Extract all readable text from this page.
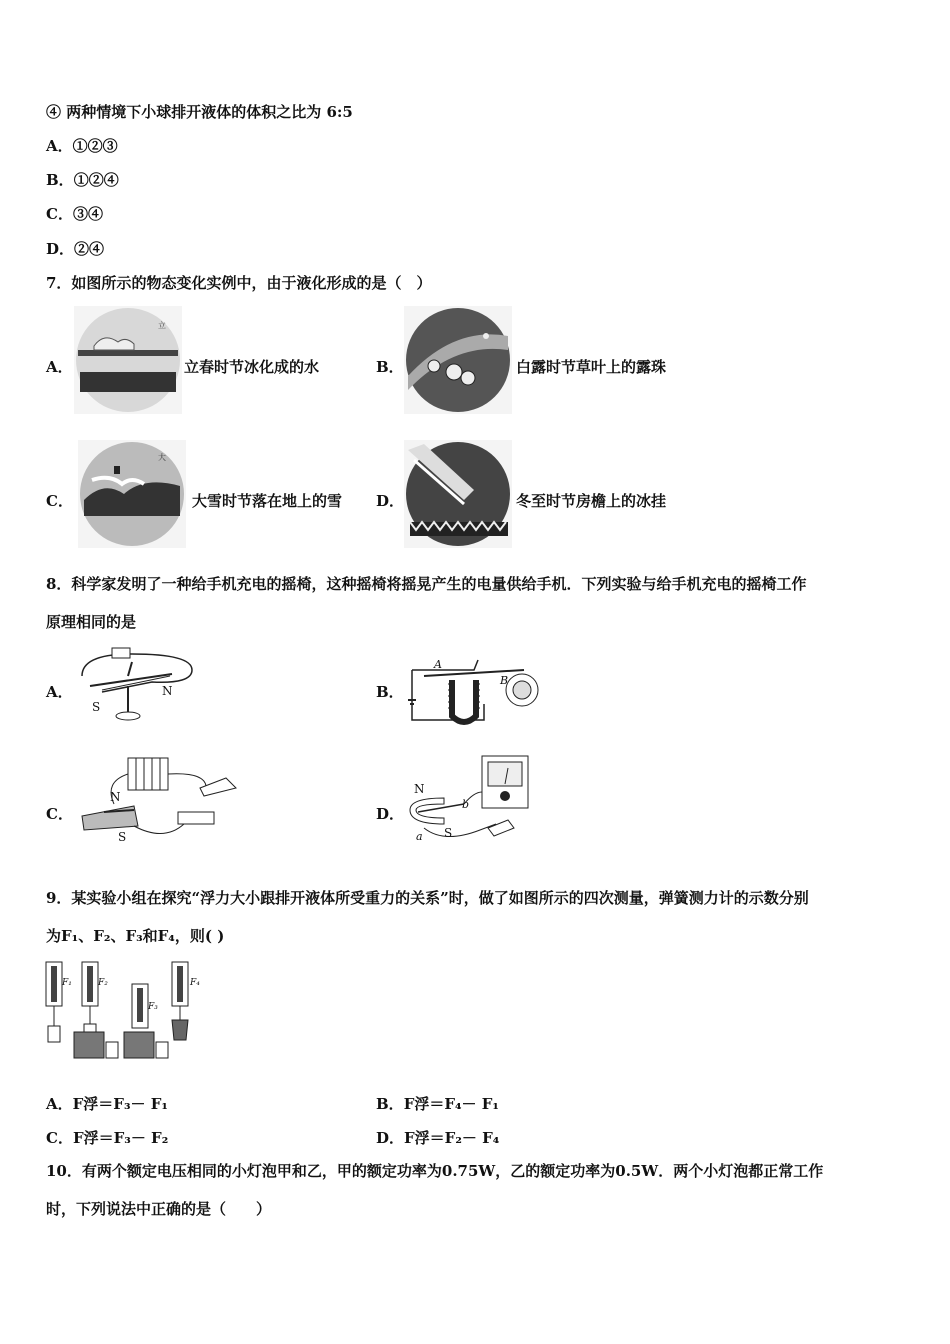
④ 两种情境下小球排开液体的体积之比为 6:5
A．①②③
B．①②④
C．③④
D．②④
7．如图所示的物态变化实例中，由于液化形成的是（　）
A．
立
立春时节冰化成的水	B．	白露时节草叶上的露珠
C．
大
大雪时节落在地上的雪 D．	冬至时节房檐上的冰挂
8．科学家发明了一种给手机充电的摇椅，这种摇椅将摇晃产生的电量供给手机．下列实验与给手机充电的摇椅工作
原理相同的是
A．
S
N	B．
A
B
C．
N
S
D．
N
S
a
b
9．某实验小组在探究“浮力大小跟排开液体所受重力的关系”时，做了如图所示的四次测量，弹簧测力计的示数分别
为F₁、F₂、F₃和F₄，则( )
F₁	F₂
F₃
F₄
A．F浮＝F₃－ F₁	B．F浮＝F₄－ F₁
C．F浮＝F₃－ F₂	D．F浮＝F₂－ F₄
10．有两个额定电压相同的小灯泡甲和乙，甲的额定功率为0.75W，乙的额定功率为0.5W．两个小灯泡都正常工作
时，下列说法中正确的是（　　）
